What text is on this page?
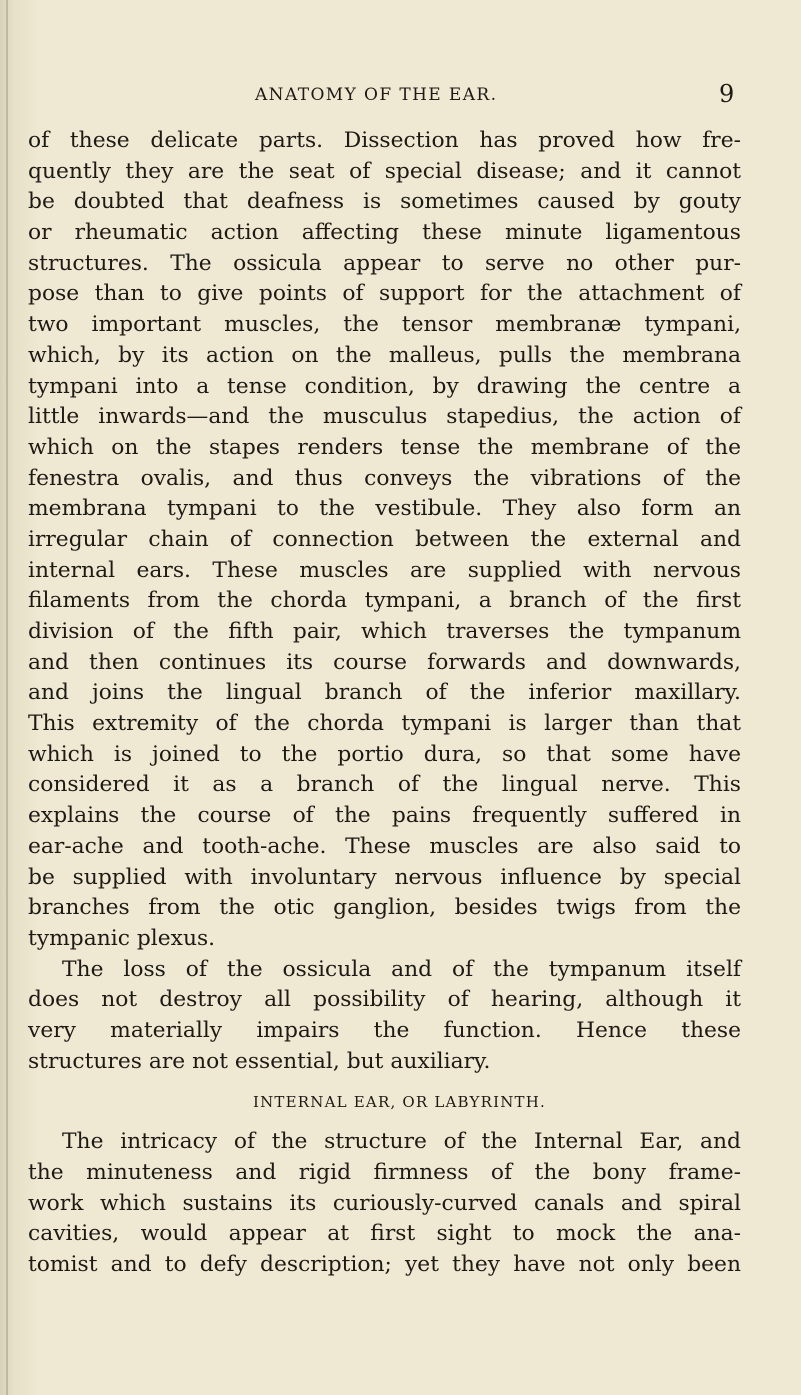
ANATOMY OF THE EAR.	9
of these delicate parts. Dissection has proved how fre-
quently they are the seat of special disease; and it cannot
be doubted that deafness is sometimes caused by gouty
or rheumatic action affecting these minute ligamentous
structures. The ossicula appear to serve no other pur-
pose than to give points of support for the attachment of
two important muscles, the tensor membranæ tympani,
which, by its action on the malleus, pulls the membrana
tympani into a tense condition, by drawing the centre a
little inwards—and the musculus stapedius, the action of
which on the stapes renders tense the membrane of the
fenestra ovalis, and thus conveys the vibrations of the
membrana tympani to the vestibule. They also form an
irregular chain of connection between the external and
internal ears. These muscles are supplied with nervous
filaments from the chorda tympani, a branch of the first
division of the fifth pair, which traverses the tympanum
and then continues its course forwards and downwards,
and joins the lingual branch of the inferior maxillary.
This extremity of the chorda tympani is larger than that
which is joined to the portio dura, so that some have
considered it as a branch of the lingual nerve. This
explains the course of the pains frequently suffered in
ear-ache and tooth-ache. These muscles are also said to
be supplied with involuntary nervous influence by special
branches from the otic ganglion, besides twigs from the
tympanic plexus.
The loss of the ossicula and of the tympanum itself
does not destroy all possibility of hearing, although it
very materially impairs the function. Hence these
structures are not essential, but auxiliary.
INTERNAL EAR, OR LABYRINTH.
The intricacy of the structure of the Internal Ear, and
the minuteness and rigid firmness of the bony frame-
work which sustains its curiously-curved canals and spiral
cavities, would appear at first sight to mock the ana-
tomist and to defy description; yet they have not only been
